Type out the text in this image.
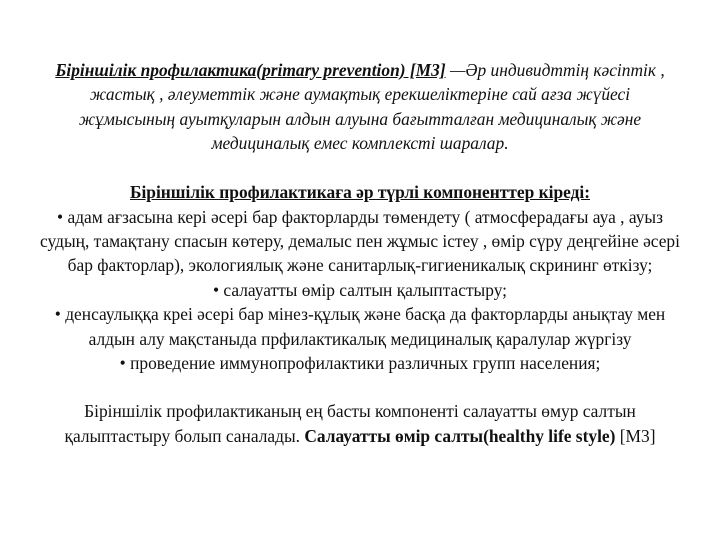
Біріншілік профилактика(primary prevention) [М3] —Әр индивидттің кәсіптік , жастық , әлеуметтік және аумақтық ерекшеліктеріне сай ағза жүйесі жұмысының ауытқуларын алдын алуына бағытталған медициналық және медициналық емес комплексті шаралар.

Біріншілік профилактикаға әр түрлі компоненттер кіреді:
• адам ағзасына кері әсері бар факторларды төмендету ( атмосферадағы ауа , ауыз судың, тамақтану спасын көтеру, демалыс пен жұмыс істеу , өмір сүру деңгейіне әсері бар факторлар), экологиялық және санитарлық-гигиеникалық скрининг өткізу;
• салауатты өмір салтын қалыптастыру;
• денсаулыққа креі әсері бар мінез-құлық және басқа да факторларды анықтау мен алдын алу мақстаныда прфилактикалық медициналық қаралулар жүргізу
• проведение иммунопрофилактики различных групп населения;

Біріншілік профилактиканың ең басты компоненті салауатты өмур салтын қалыптастыру болып саналады. Салауатты өмір салты(healthy life style) [М3]
